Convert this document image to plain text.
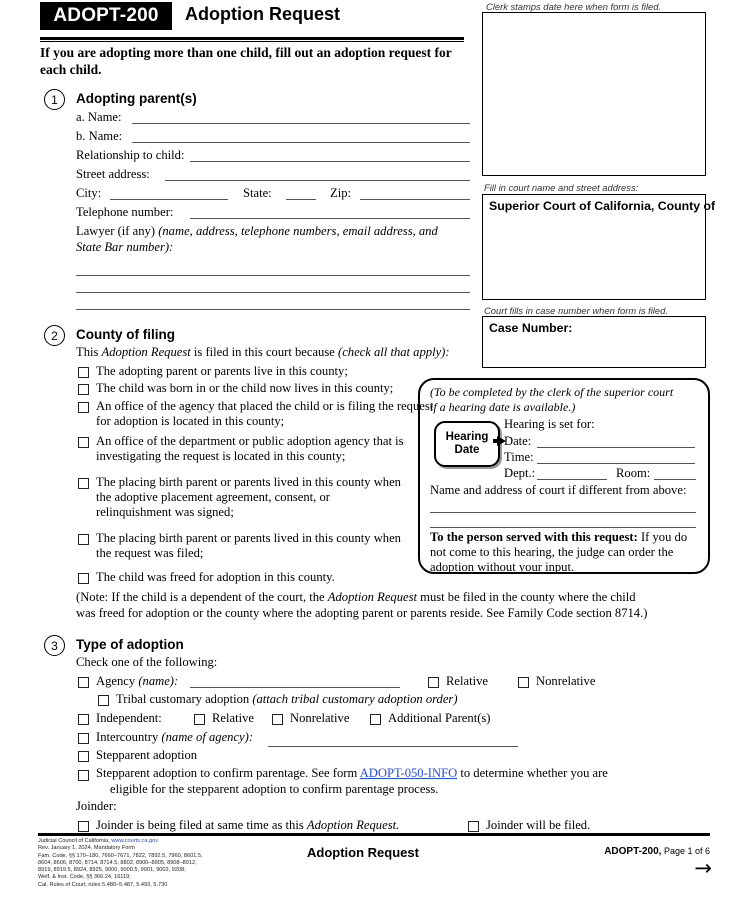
ADOPT-200	Adoption Request
If you are adopting more than one child, fill out an adoption request for each child.
Clerk stamps date here when form is filed.
Fill in court name and street address:
Superior Court of California, County of
Court fills in case number when form is filed.
Case Number:
(To be completed by the clerk of the superior court
if a hearing date is available.)
Hearing
Date
Hearing is set for:
Date:
Time:
Dept.:	Room:
Name and address of court if different from above:
To the person served with this request: If you do
not come to this hearing, the judge can order the
adoption without your input.
1	Adopting parent(s)
a. Name:
b. Name:
Relationship to child:
Street address:
City:	State:	Zip:
Telephone number:
Lawyer (if any) (name, address, telephone numbers, email address, and
State Bar number):
2	County of filing
This Adoption Request is filed in this court because (check all that apply):
The adopting parent or parents live in this county;
The child was born in or the child now lives in this county;
An office of the agency that placed the child or is filing the request for adoption is located in this county;
An office of the department or public adoption agency that is investigating the request is located in this county;
The placing birth parent or parents lived in this county when the adoptive placement agreement, consent, or relinquishment was signed;
The placing birth parent or parents lived in this county when the request was filed;
The child was freed for adoption in this county.
(Note: If the child is a dependent of the court, the Adoption Request must be filed in the county where the child
was freed for adoption or the county where the adopting parent or parents reside. See Family Code section 8714.)
3	Type of adoption
Check one of the following:
Agency (name):	Relative	Nonrelative
Tribal customary adoption (attach tribal customary adoption order)
Independent:	Relative	Nonrelative	Additional Parent(s)
Intercountry (name of agency):
Stepparent adoption
Stepparent adoption to confirm parentage. See form ADOPT-050-INFO to determine whether you are
eligible for the stepparent adoption to confirm parentage process.
Joinder:
Joinder is being filed at same time as this Adoption Request.	Joinder will be filed.
Judicial Council of California, www.courts.ca.gov
Rev. January 1, 2024, Mandatory Form
Fam. Code, §§ 170–180, 7660–7671, 7822, 7892.5, 7960, 8601.5,
8604, 8606, 8700, 8714, 8714.5, 8802, 8900–8905, 8908–8912,
8919, 8919.5, 8924, 8925, 9000, 9000.5, 9001, 9002, 9208;
Welf. & Inst. Code, §§ 366.24, 16119;
Cal. Rules of Court, rules 5.480–5.487, 5.493, 5.730
Adoption Request	ADOPT-200, Page 1 of 6
→
